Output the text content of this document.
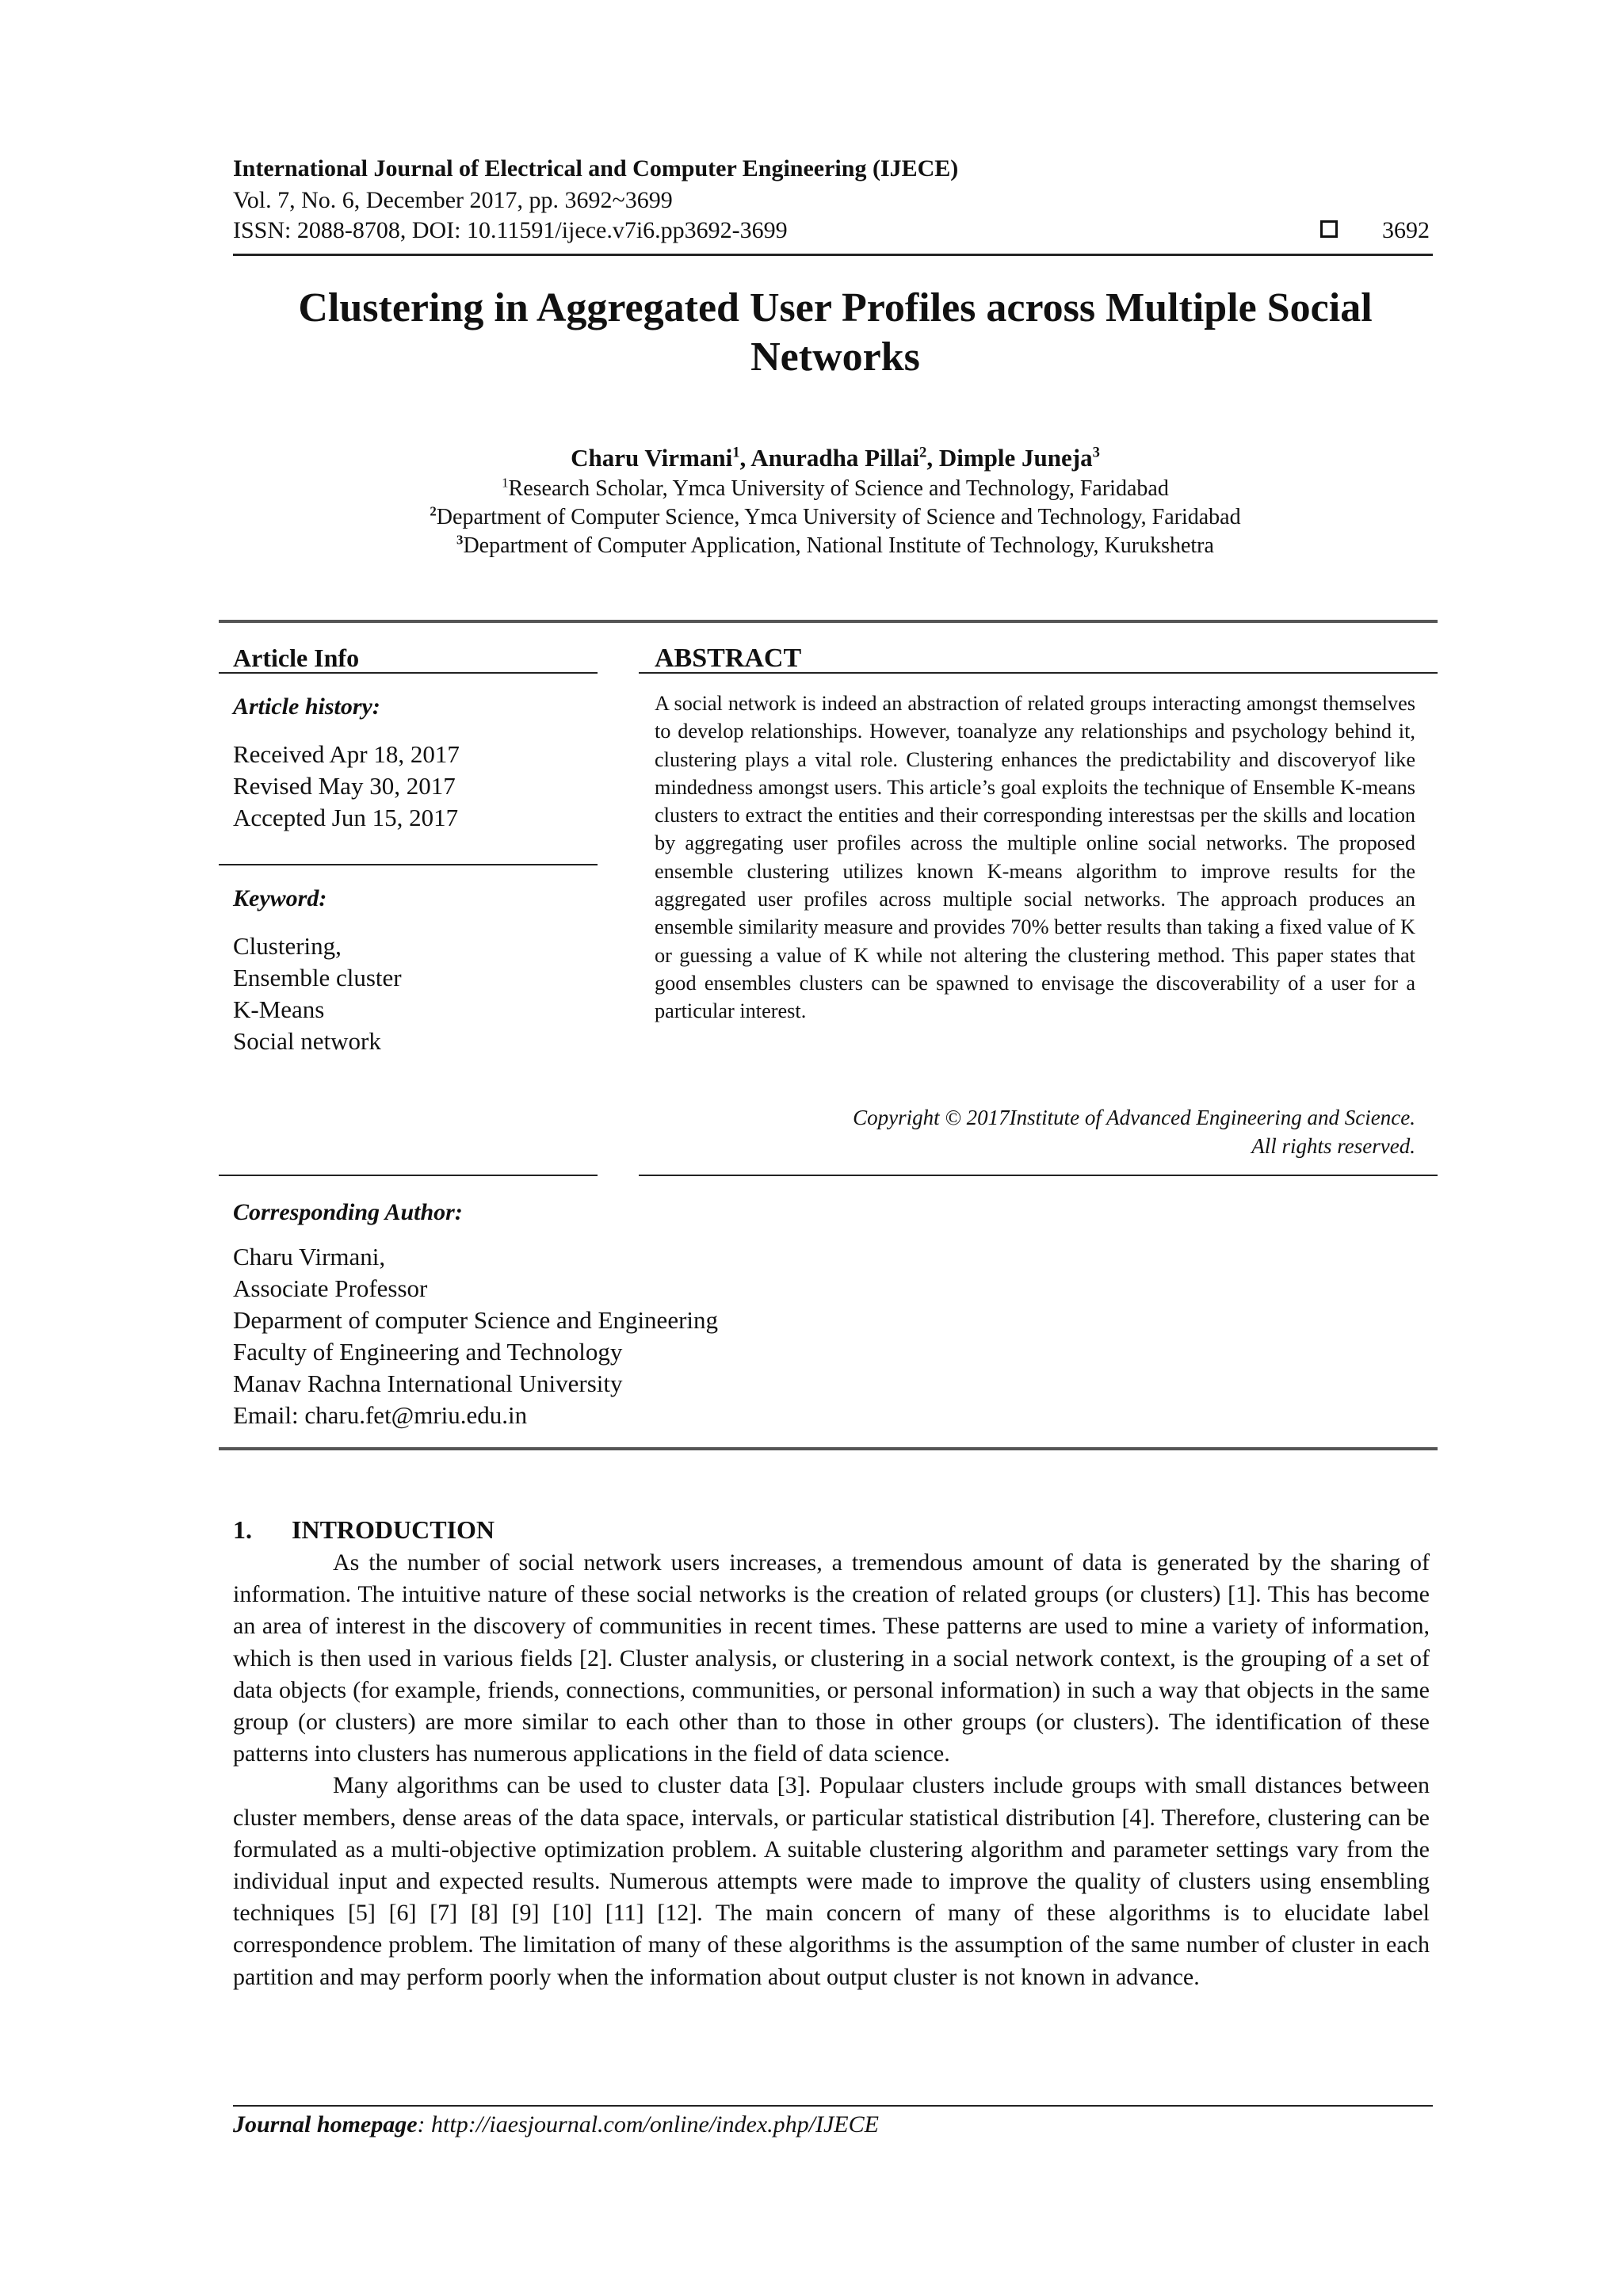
International Journal of Electrical and Computer Engineering (IJECE)
Vol. 7, No. 6, December 2017, pp. 3692~3699
ISSN: 2088-8708, DOI: 10.11591/ijece.v7i6.pp3692-3699	3692
Clustering in Aggregated User Profiles across Multiple Social Networks
Charu Virmani$^1$, Anuradha Pillai$^2$, Dimple Juneja$^3$
$^1$Research Scholar, Ymca University of Science and Technology, Faridabad
$^2$Department of Computer Science, Ymca University of Science and Technology, Faridabad
$^3$Department of Computer Application, National Institute of Technology, Kurukshetra
Article Info
Article history:
Received Apr 18, 2017
Revised May 30, 2017
Accepted Jun 15, 2017
Keyword:
Clustering,
Ensemble cluster
K-Means
Social network
ABSTRACT
A social network is indeed an abstraction of related groups interacting amongst themselves to develop relationships. However, toanalyze any relationships and psychology behind it, clustering plays a vital role. Clustering enhances the predictability and discoveryof like mindedness amongst users. This article’s goal exploits the technique of Ensemble K-means clusters to extract the entities and their corresponding interestsas per the skills and location by aggregating user profiles across the multiple online social networks. The proposed ensemble clustering utilizes known K-means algorithm to improve results for the aggregated user profiles across multiple social networks. The approach produces an ensemble similarity measure and provides 70% better results than taking a fixed value of K or guessing a value of K while not altering the clustering method. This paper states that good ensembles clusters can be spawned to envisage the discoverability of a user for a particular interest.
Copyright © 2017Institute of Advanced Engineering and Science.
All rights reserved.
Corresponding Author:
Charu Virmani,
Associate Professor
Deparment of computer Science and Engineering
Faculty of Engineering and Technology
Manav Rachna International University
Email: charu.fet@mriu.edu.in
1. INTRODUCTION

As the number of social network users increases, a tremendous amount of data is generated by the sharing of information. The intuitive nature of these social networks is the creation of related groups (or clusters) [1]. This has become an area of interest in the discovery of communities in recent times. These patterns are used to mine a variety of information, which is then used in various fields [2]. Cluster analysis, or clustering in a social network context, is the grouping of a set of data objects (for example, friends, connections, communities, or personal information) in such a way that objects in the same group (or clusters) are more similar to each other than to those in other groups (or clusters). The identification of these patterns into clusters has numerous applications in the field of data science.

Many algorithms can be used to cluster data [3]. Populaar clusters include groups with small distances between cluster members, dense areas of the data space, intervals, or particular statistical distribution [4]. Therefore, clustering can be formulated as a multi-objective optimization problem. A suitable clustering algorithm and parameter settings vary from the individual input and expected results. Numerous attempts were made to improve the quality of clusters using ensembling techniques [5] [6] [7] [8] [9] [10] [11] [12]. The main concern of many of these algorithms is to elucidate label correspondence problem. The limitation of many of these algorithms is the assumption of the same number of cluster in each partition and may perform poorly when the information about output cluster is not known in advance.

Journal homepage: http://iaesjournal.com/online/index.php/IJECE
